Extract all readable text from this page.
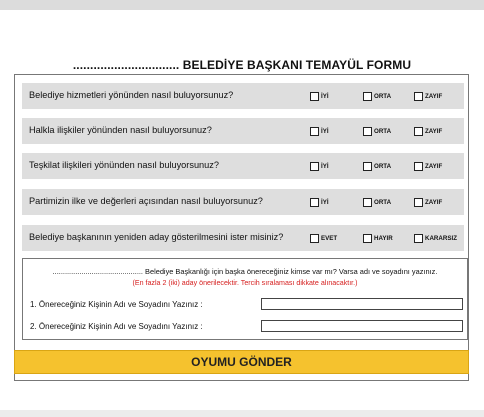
............................... BELEDİYE BAŞKANI TEMAYÜL FORMU
Belediye hizmetleri yönünden nasıl buluyorsunuz?	İYİ	ORTA	ZAYIF
Halkla ilişkiler yönünden nasıl buluyorsunuz?	İYİ	ORTA	ZAYIF
Teşkilat ilişkileri yönünden nasıl buluyorsunuz?	İYİ	ORTA	ZAYIF
Partimizin ilke ve değerleri açısından nasıl buluyorsunuz?	İYİ	ORTA	ZAYIF
Belediye başkanının yeniden aday gösterilmesini ister misiniz?	EVET	HAYIR	KARARSIZ
............................................ Belediye Başkanlığı için başka önereceğiniz kimse var mı? Varsa adı ve soyadını yazınız.
(En fazla 2 (iki) aday önerilecektir. Tercih sıralaması dikkate alınacaktır.)
1. Önereceğiniz Kişinin Adı ve Soyadını Yazınız :
2. Önereceğiniz Kişinin Adı ve Soyadını Yazınız :
OYUMU GÖNDER
